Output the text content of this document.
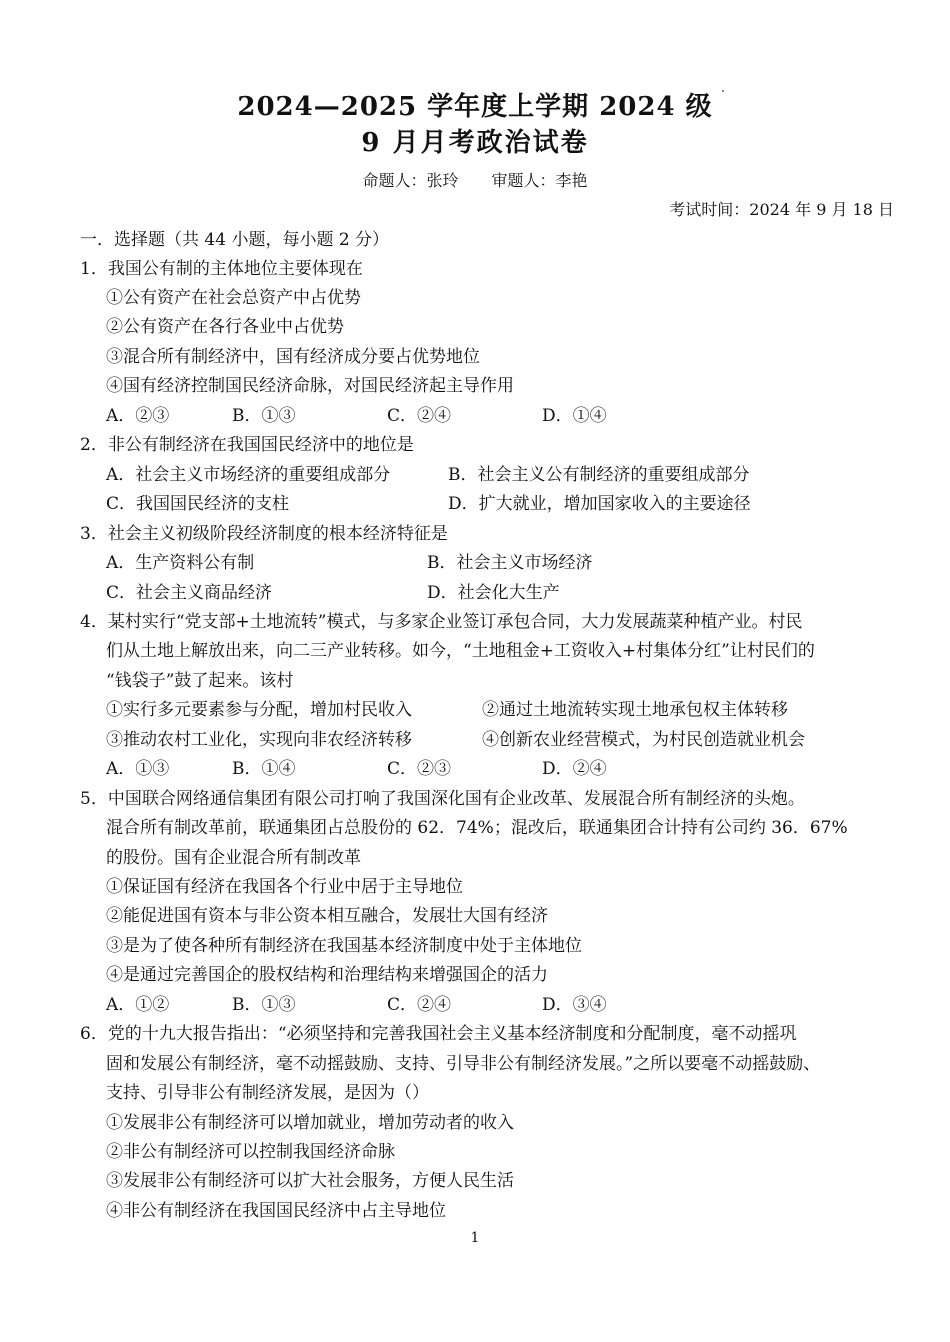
2024—2025 学年度上学期 2024 级
9 月月考政治试卷
命题人：张玲 审题人：李艳
考试时间：2024 年 9 月 18 日
一．选择题（共 44 小题，每小题 2 分）
1．我国公有制的主体地位主要体现在
①公有资产在社会总资产中占优势
②公有资产在各行各业中占优势
③混合所有制经济中，国有经济成分要占优势地位
④国有经济控制国民经济命脉，对国民经济起主导作用
A．②③	B．①③	C．②④	D．①④
2．非公有制经济在我国国民经济中的地位是
A．社会主义市场经济的重要组成部分	B．社会主义公有制经济的重要组成部分
C．我国国民经济的支柱	D．扩大就业，增加国家收入的主要途径
3．社会主义初级阶段经济制度的根本经济特征是
A．生产资料公有制	B．社会主义市场经济
C．社会主义商品经济	D．社会化大生产
4．某村实行“党支部+土地流转”模式，与多家企业签订承包合同，大力发展蔬菜种植产业。村民
们从土地上解放出来，向二三产业转移。如今，“土地租金+工资收入+村集体分红”让村民们的
“钱袋子”鼓了起来。该村
①实行多元要素参与分配，增加村民收入	②通过土地流转实现土地承包权主体转移
③推动农村工业化，实现向非农经济转移	④创新农业经营模式，为村民创造就业机会
A．①③	B．①④	C．②③	D．②④
5．中国联合网络通信集团有限公司打响了我国深化国有企业改革、发展混合所有制经济的头炮。
混合所有制改革前，联通集团占总股份的 62．74%；混改后，联通集团合计持有公司约 36．67%
的股份。国有企业混合所有制改革
①保证国有经济在我国各个行业中居于主导地位
②能促进国有资本与非公资本相互融合，发展壮大国有经济
③是为了使各种所有制经济在我国基本经济制度中处于主体地位
④是通过完善国企的股权结构和治理结构来增强国企的活力
A．①②	B．①③	C．②④	D．③④
6．党的十九大报告指出：“必须坚持和完善我国社会主义基本经济制度和分配制度，毫不动摇巩
固和发展公有制经济，毫不动摇鼓励、支持、引导非公有制经济发展。”之所以要毫不动摇鼓励、
支持、引导非公有制经济发展，是因为（）
①发展非公有制经济可以增加就业，增加劳动者的收入
②非公有制经济可以控制我国经济命脉
③发展非公有制经济可以扩大社会服务，方便人民生活
④非公有制经济在我国国民经济中占主导地位
1
